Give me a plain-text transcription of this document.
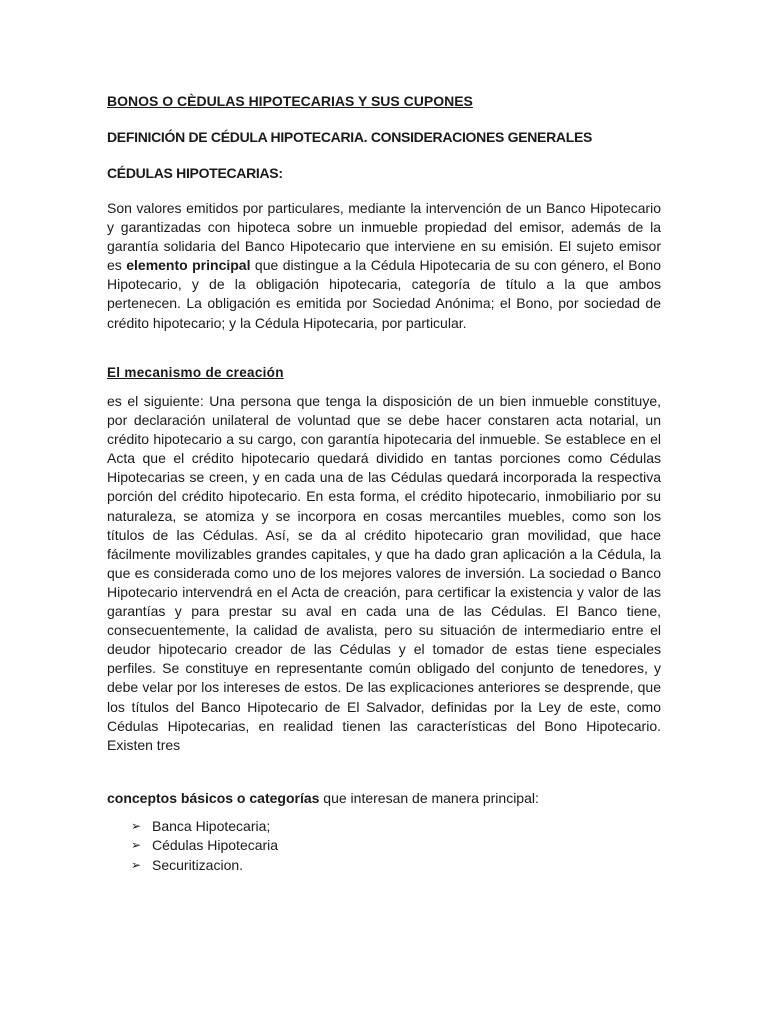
BONOS O CÈDULAS HIPOTECARIAS Y SUS CUPONES
DEFINICIÓN DE CÉDULA HIPOTECARIA. CONSIDERACIONES GENERALES
CÉDULAS HIPOTECARIAS:

Son valores emitidos por particulares, mediante la intervención de un Banco Hipotecario y garantizadas con hipoteca sobre un inmueble propiedad del emisor, además de la garantía solidaria del Banco Hipotecario que interviene en su emisión. El sujeto emisor es elemento principal que distingue a la Cédula Hipotecaria de su con género, el Bono Hipotecario, y de la obligación hipotecaria, categoría de título a la que ambos pertenecen. La obligación es emitida por Sociedad Anónima; el Bono, por sociedad de crédito hipotecario; y la Cédula Hipotecaria, por particular.

El mecanismo de creación

es el siguiente: Una persona que tenga la disposición de un bien inmueble constituye, por declaración unilateral de voluntad que se debe hacer constaren acta notarial, un crédito hipotecario a su cargo, con garantía hipotecaria del inmueble. Se establece en el Acta que el crédito hipotecario quedará dividido en tantas porciones como Cédulas Hipotecarias se creen, y en cada una de las Cédulas quedará incorporada la respectiva porción del crédito hipotecario. En esta forma, el crédito hipotecario, inmobiliario por su naturaleza, se atomiza y se incorpora en cosas mercantiles muebles, como son los títulos de las Cédulas. Así, se da al crédito hipotecario gran movilidad, que hace fácilmente movilizables grandes capitales, y que ha dado gran aplicación a la Cédula, la que es considerada como uno de los mejores valores de inversión. La sociedad o Banco Hipotecario intervendrá en el Acta de creación, para certificar la existencia y valor de las garantías y para prestar su aval en cada una de las Cédulas. El Banco tiene, consecuentemente, la calidad de avalista, pero su situación de intermediario entre el deudor hipotecario creador de las Cédulas y el tomador de estas tiene especiales perfiles. Se constituye en representante común obligado del conjunto de tenedores, y debe velar por los intereses de estos. De las explicaciones anteriores se desprende, que los títulos del Banco Hipotecario de El Salvador, definidas por la Ley de este, como Cédulas Hipotecarias, en realidad tienen las características del Bono Hipotecario. Existen tres

conceptos básicos o categorías que interesan de manera principal:

➢ Banca Hipotecaria;
➢ Cédulas Hipotecaria
➢ Securitizacion.
